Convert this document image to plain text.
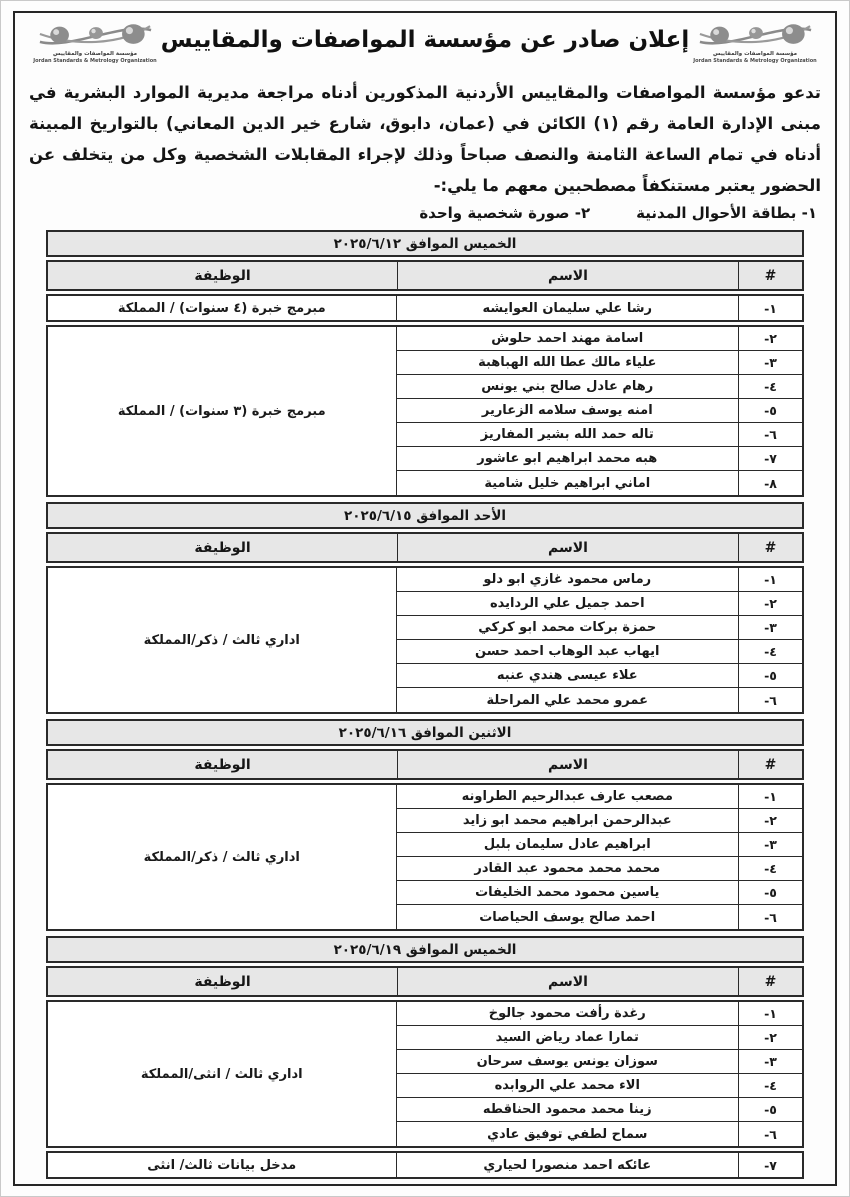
مؤسسة المواصفات والمقاييس
Jordan Standards & Metrology Organization
إعلان صادر عن مؤسسة المواصفات والمقاييس
مؤسسة المواصفات والمقاييس
Jordan Standards & Metrology Organization

تدعو مؤسسة المواصفات والمقاييس الأردنية المذكورين أدناه مراجعة مديرية الموارد البشرية في مبنى الإدارة العامة رقم (١) الكائن في (عمان، دابوق، شارع خير الدين المعاني) بالتواريخ المبينة أدناه في تمام الساعة الثامنة والنصف صباحاً وذلك لإجراء المقابلات الشخصية وكل من يتخلف عن الحضور يعتبر مستنكفاً مصطحبين معهم ما يلي:-

١- بطاقة الأحوال المدنية
٢- صورة شخصية واحدة
الخميس الموافق ٢٠٢٥/٦/١٢
#
الاسم
الوظيفة
١-
رشا علي سليمان العوايشه
مبرمج خبرة (٤ سنوات) / المملكة
٢-
اسامة مهند احمد حلوش
٣-
علياء مالك عطا الله الهباهبة
٤-
رهام عادل صالح بني يونس
٥-
امنه يوسف سلامه الزعارير
٦-
تاله حمد الله بشير المفاريز
٧-
هبه محمد ابراهيم ابو عاشور
٨-
اماني ابراهيم خليل شامية
مبرمج خبرة (٣ سنوات) / المملكة
الأحد الموافق ٢٠٢٥/٦/١٥
#
الاسم
الوظيفة
١-
رماس محمود غازي ابو دلو
٢-
احمد جميل علي الردايده
٣-
حمزة بركات محمد ابو كركي
٤-
ايهاب عبد الوهاب احمد حسن
٥-
علاء عيسى هندي عنبه
٦-
عمرو محمد علي المراحلة
اداري ثالث / ذكر/المملكة
الاثنين الموافق ٢٠٢٥/٦/١٦
#
الاسم
الوظيفة
١-
مصعب عارف عبدالرحيم الطراونه
٢-
عبدالرحمن ابراهيم محمد ابو زايد
٣-
ابراهيم عادل سليمان بلبل
٤-
محمد محمد محمود عبد القادر
٥-
ياسين محمود محمد الخليفات
٦-
احمد صالح يوسف الحياصات
اداري ثالث / ذكر/المملكة
الخميس الموافق ٢٠٢٥/٦/١٩
#
الاسم
الوظيفة
١-
رغدة رأفت محمود جالوخ
٢-
تمارا عماد رياض السيد
٣-
سوزان يونس يوسف سرحان
٤-
الاء محمد علي الروابده
٥-
زينا محمد محمود الحناقطه
٦-
سماح لطفي توفيق عادي
اداري ثالث / انثى/المملكة
٧-
عائكه احمد منصورا لحياري
مدخل بيانات ثالث/ انثى
